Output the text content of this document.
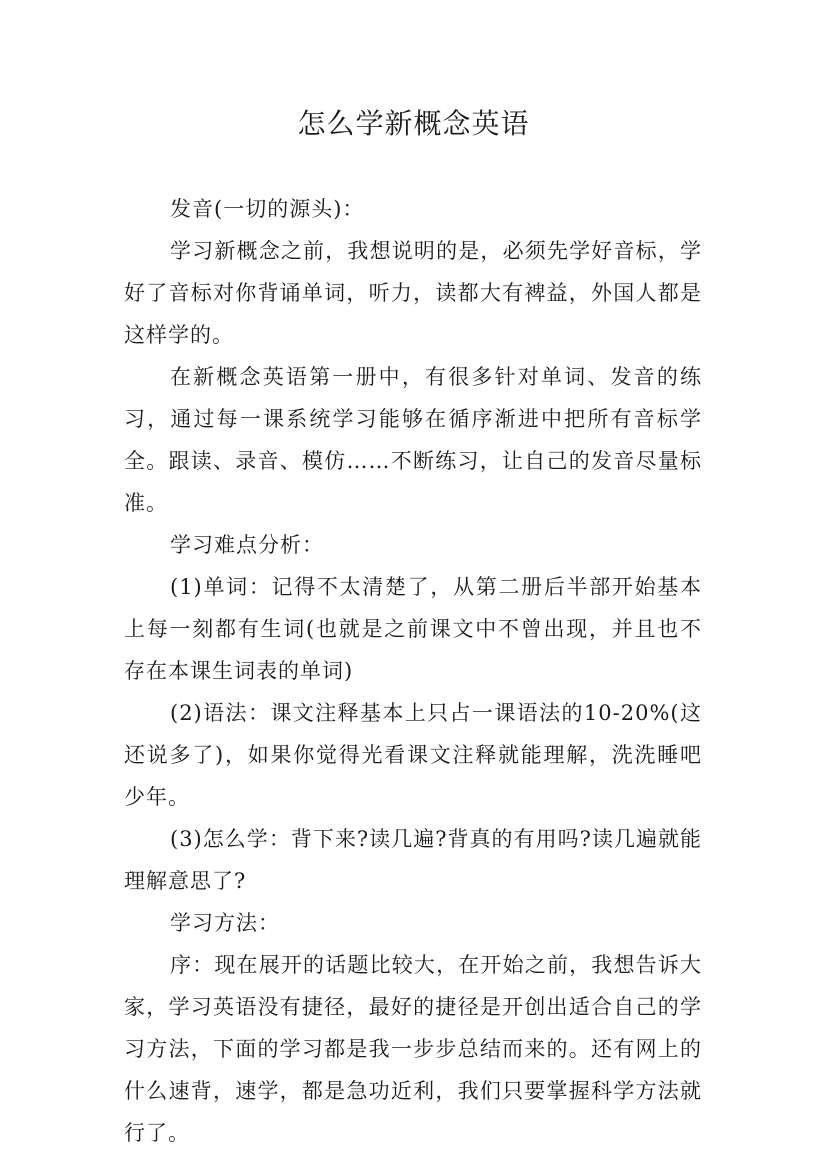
怎么学新概念英语

发音(一切的源头)：

学习新概念之前，我想说明的是，必须先学好音标，学好了音标对你背诵单词，听力，读都大有裨益，外国人都是这样学的。

在新概念英语第一册中，有很多针对单词、发音的练习，通过每一课系统学习能够在循序渐进中把所有音标学全。跟读、录音、模仿……不断练习，让自己的发音尽量标准。

学习难点分析：

(1)单词：记得不太清楚了，从第二册后半部开始基本上每一刻都有生词(也就是之前课文中不曾出现，并且也不存在本课生词表的单词)

(2)语法：课文注释基本上只占一课语法的10-20%(这还说多了)，如果你觉得光看课文注释就能理解，洗洗睡吧少年。

(3)怎么学：背下来?读几遍?背真的有用吗?读几遍就能理解意思了?

学习方法：

序：现在展开的话题比较大，在开始之前，我想告诉大家，学习英语没有捷径，最好的捷径是开创出适合自己的学习方法，下面的学习都是我一步步总结而来的。还有网上的什么速背，速学，都是急功近利，我们只要掌握科学方法就行了。
